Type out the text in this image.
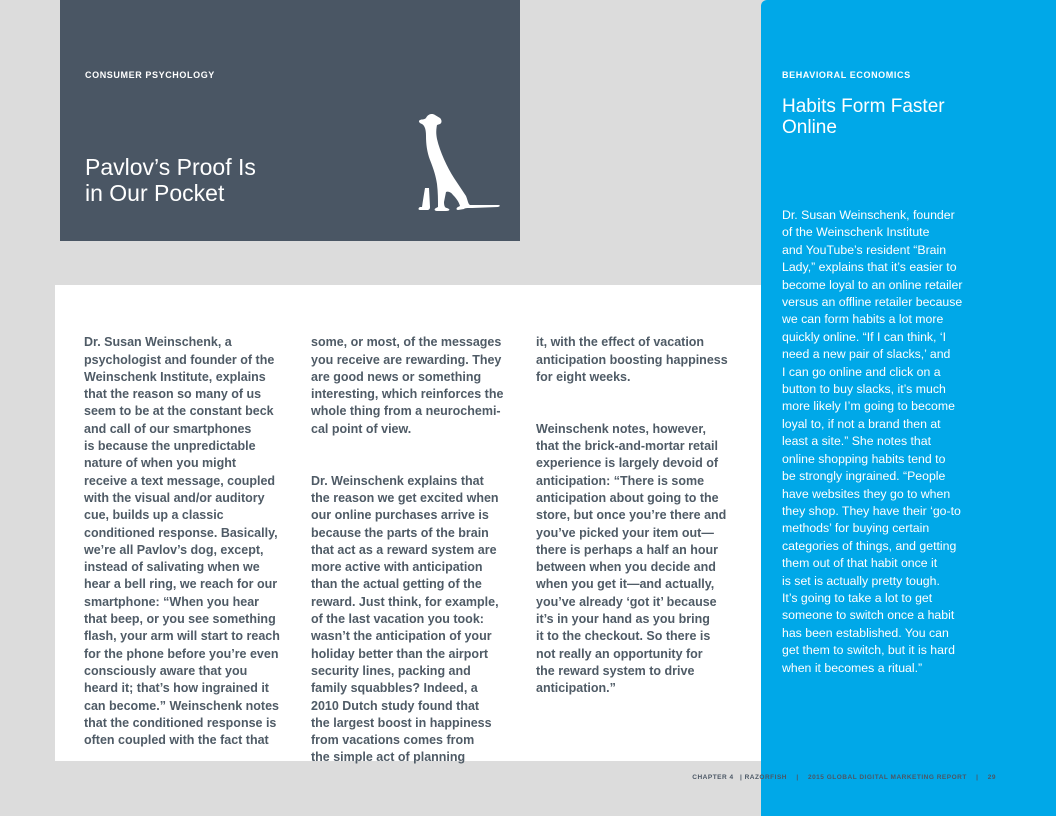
CONSUMER PSYCHOLOGY
Pavlov’s Proof Is
in Our Pocket

Dr. Susan Weinschenk, a
psychologist and founder of the
Weinschenk Institute, explains
that the reason so many of us
seem to be at the constant beck
and call of our smartphones
is because the unpredictable
nature of when you might
receive a text message, coupled
with the visual and/or auditory
cue, builds up a classic
conditioned response. Basically,
we’re all Pavlov’s dog, except,
instead of salivating when we
hear a bell ring, we reach for our
smartphone: “When you hear
that beep, or you see something
flash, your arm will start to reach
for the phone before you’re even
consciously aware that you
heard it; that’s how ingrained it
can become.” Weinschenk notes
that the conditioned response is
often coupled with the fact that

some, or most, of the messages
you receive are rewarding. They
are good news or something
interesting, which reinforces the
whole thing from a neurochemi-
cal point of view.

Dr. Weinschenk explains that
the reason we get excited when
our online purchases arrive is
because the parts of the brain
that act as a reward system are
more active with anticipation
than the actual getting of the
reward. Just think, for example,
of the last vacation you took:
wasn’t the anticipation of your
holiday better than the airport
security lines, packing and
family squabbles? Indeed, a
2010 Dutch study found that
the largest boost in happiness
from vacations comes from
the simple act of planning

it, with the effect of vacation
anticipation boosting happiness
for eight weeks.

Weinschenk notes, however,
that the brick-and-mortar retail
experience is largely devoid of
anticipation: “There is some
anticipation about going to the
store, but once you’re there and
you’ve picked your item out—
there is perhaps a half an hour
between when you decide and
when you get it—and actually,
you’ve already ‘got it’ because
it’s in your hand as you bring
it to the checkout. So there is
not really an opportunity for
the reward system to drive
anticipation.”

BEHAVIORAL ECONOMICS
Habits Form Faster
Online
Dr. Susan Weinschenk, founder
of the Weinschenk Institute
and YouTube’s resident “Brain
Lady,” explains that it’s easier to
become loyal to an online retailer
versus an offline retailer because
we can form habits a lot more
quickly online. “If I can think, ‘I
need a new pair of slacks,’ and
I can go online and click on a
button to buy slacks, it’s much
more likely I’m going to become
loyal to, if not a brand then at
least a site.” She notes that
online shopping habits tend to
be strongly ingrained. “People
have websites they go to when
they shop. They have their ‘go-to
methods’ for buying certain
categories of things, and getting
them out of that habit once it
is set is actually pretty tough.
It’s going to take a lot to get
someone to switch once a habit
has been established. You can
get them to switch, but it is hard
when it becomes a ritual.”
CHAPTER 4 | RAZORFISH | 2015 GLOBAL DIGITAL MARKETING REPORT | 29
